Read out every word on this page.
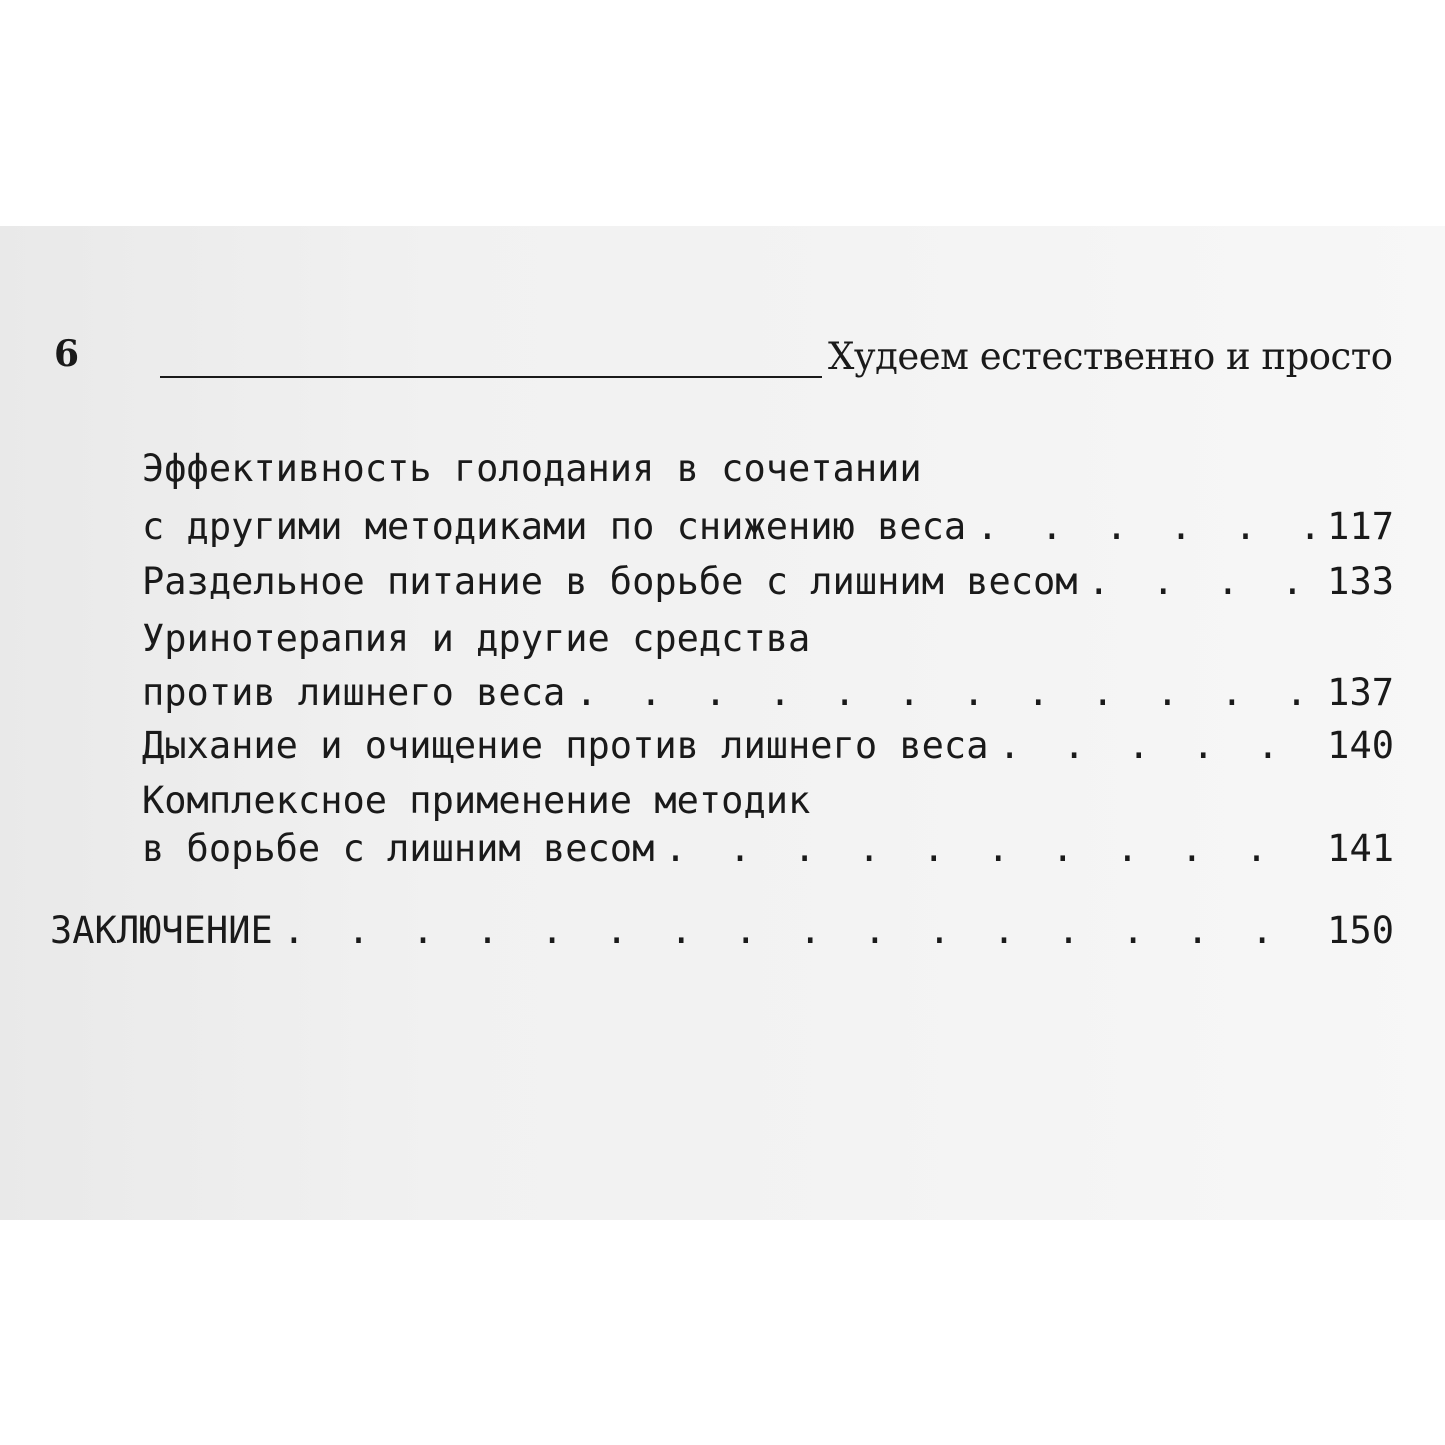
6	Худеем естественно и просто
Эффективность голодания в сочетании
с другими методиками по снижению веса . . .	117
Раздельное питание в борьбе с лишним весом . . .	133
Уринотерапия и другие средства
против лишнего веса . . .	137
Дыхание и очищение против лишнего веса . . .	140
Комплексное применение методик
в борьбе с лишним весом . . .	141
ЗАКЛЮЧЕНИЕ . . .	150
